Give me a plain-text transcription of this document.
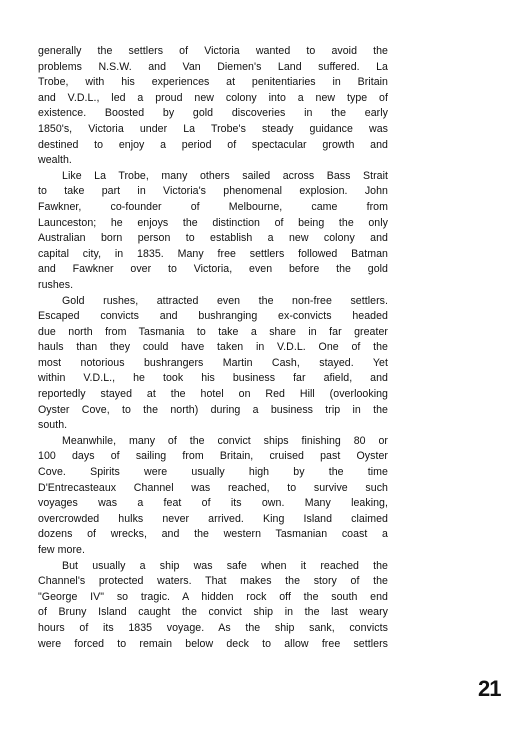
generally the settlers of Victoria wanted to avoid the
problems N.S.W. and Van Diemen's Land suffered. La
Trobe, with his experiences at penitentiaries in Britain
and V.D.L., led a proud new colony into a new type of
existence. Boosted by gold discoveries in the early
1850's, Victoria under La Trobe's steady guidance was
destined to enjoy a period of spectacular growth and
wealth.
Like La Trobe, many others sailed across Bass Strait
to take part in Victoria's phenomenal explosion. John
Fawkner, co-founder of Melbourne, came from
Launceston; he enjoys the distinction of being the only
Australian born person to establish a new colony and
capital city, in 1835. Many free settlers followed Batman
and Fawkner over to Victoria, even before the gold
rushes.
Gold rushes, attracted even the non-free settlers.
Escaped convicts and bushranging ex-convicts headed
due north from Tasmania to take a share in far greater
hauls than they could have taken in V.D.L. One of the
most notorious bushrangers Martin Cash, stayed. Yet
within V.D.L., he took his business far afield, and
reportedly stayed at the hotel on Red Hill (overlooking
Oyster Cove, to the north) during a business trip in the
south.
Meanwhile, many of the convict ships finishing 80 or
100 days of sailing from Britain, cruised past Oyster
Cove. Spirits were usually high by the time
D'Entrecasteaux Channel was reached, to survive such
voyages was a feat of its own. Many leaking,
overcrowded hulks never arrived. King Island claimed
dozens of wrecks, and the western Tasmanian coast a
few more.
But usually a ship was safe when it reached the
Channel's protected waters. That makes the story of the
"George IV" so tragic. A hidden rock off the south end
of Bruny Island caught the convict ship in the last weary
hours of its 1835 voyage. As the ship sank, convicts
were forced to remain below deck to allow free settlers
21
